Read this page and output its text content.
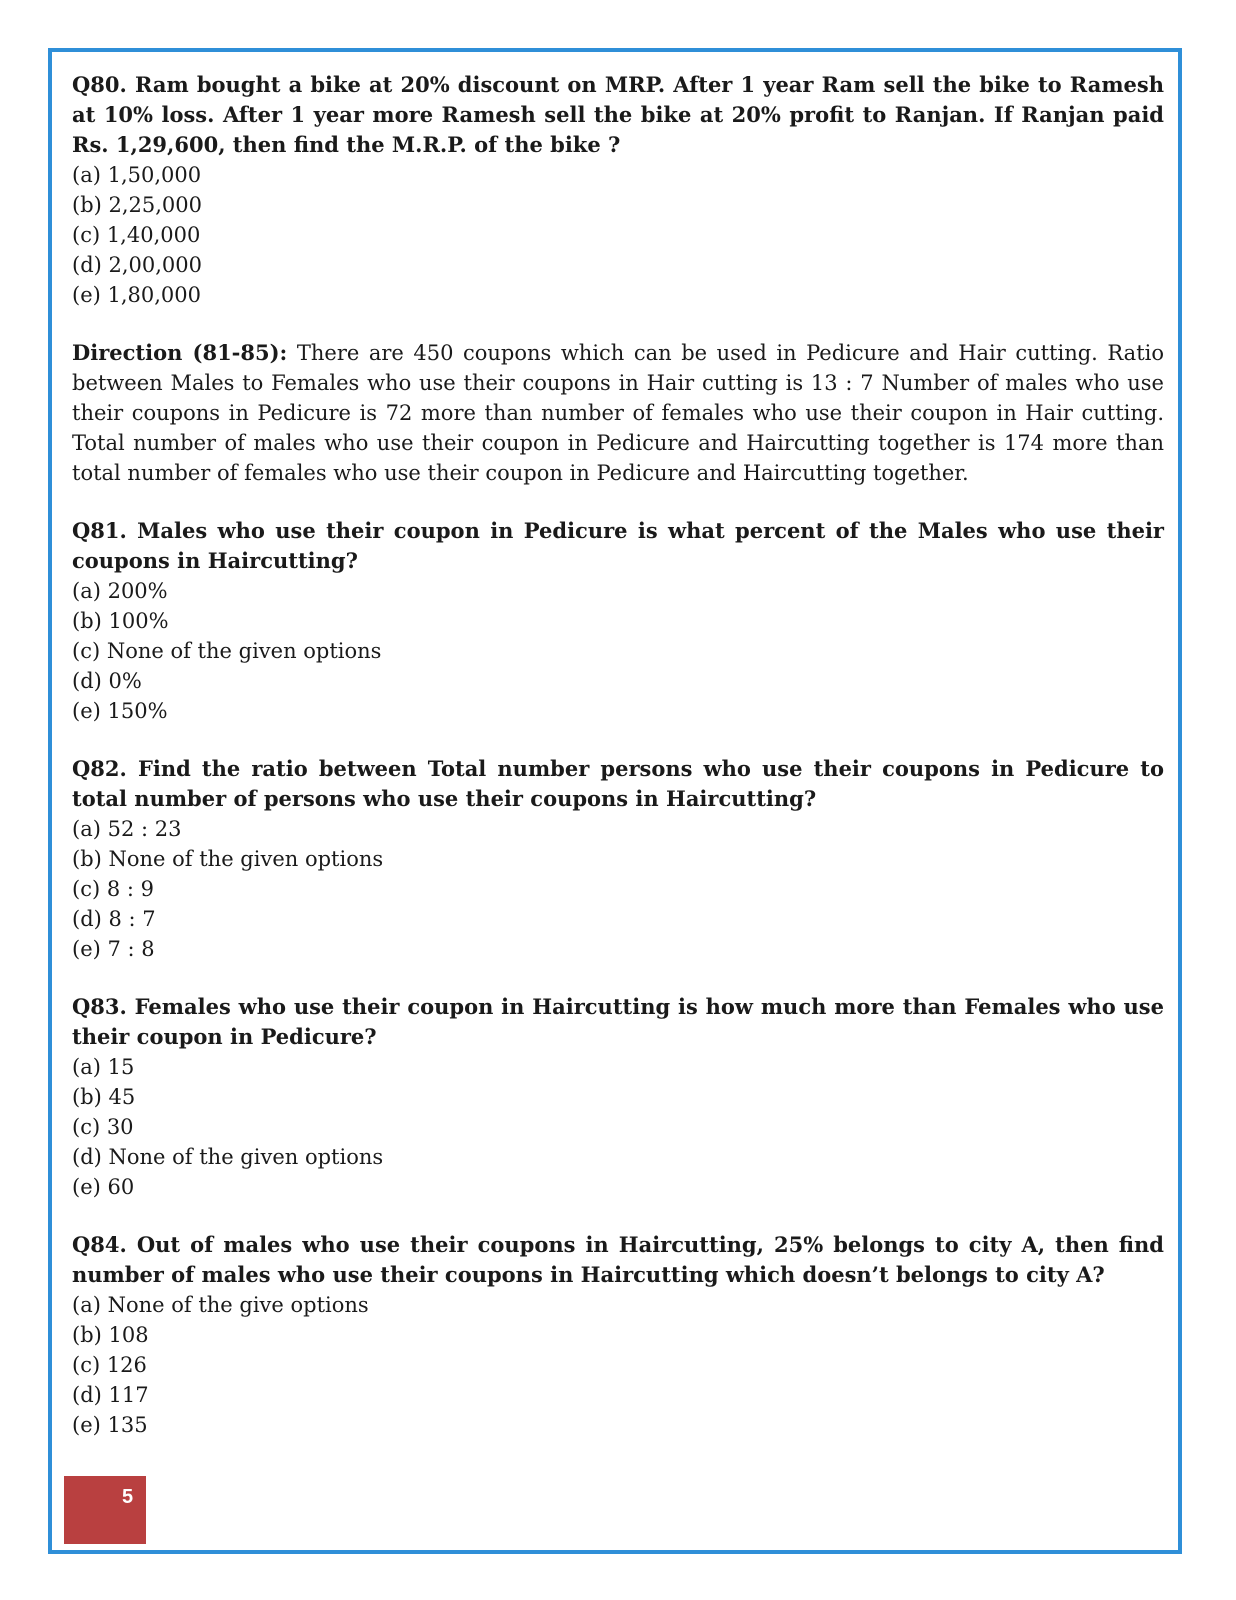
Q80. Ram bought a bike at 20% discount on MRP. After 1 year Ram sell the bike to Ramesh at 10% loss. After 1 year more Ramesh sell the bike at 20% profit to Ranjan. If Ranjan paid Rs. 1,29,600, then find the M.R.P. of the bike ?

(a) 1,50,000

(b) 2,25,000

(c) 1,40,000

(d) 2,00,000

(e) 1,80,000

Direction (81-85): There are 450 coupons which can be used in Pedicure and Hair cutting. Ratio between Males to Females who use their coupons in Hair cutting is 13 : 7 Number of males who use their coupons in Pedicure is 72 more than number of females who use their coupon in Hair cutting. Total number of males who use their coupon in Pedicure and Haircutting together is 174 more than total number of females who use their coupon in Pedicure and Haircutting together.

Q81. Males who use their coupon in Pedicure is what percent of the Males who use their coupons in Haircutting?

(a) 200%

(b) 100%

(c) None of the given options

(d) 0%

(e) 150%

Q82. Find the ratio between Total number persons who use their coupons in Pedicure to total number of persons who use their coupons in Haircutting?

(a) 52 : 23

(b) None of the given options

(c) 8 : 9

(d) 8 : 7

(e) 7 : 8

Q83. Females who use their coupon in Haircutting is how much more than Females who use their coupon in Pedicure?

(a) 15

(b) 45

(c) 30

(d) None of the given options

(e) 60

Q84. Out of males who use their coupons in Haircutting, 25% belongs to city A, then find number of males who use their coupons in Haircutting which doesn’t belongs to city A?

(a) None of the give options

(b) 108

(c) 126

(d) 117

(e) 135

5
